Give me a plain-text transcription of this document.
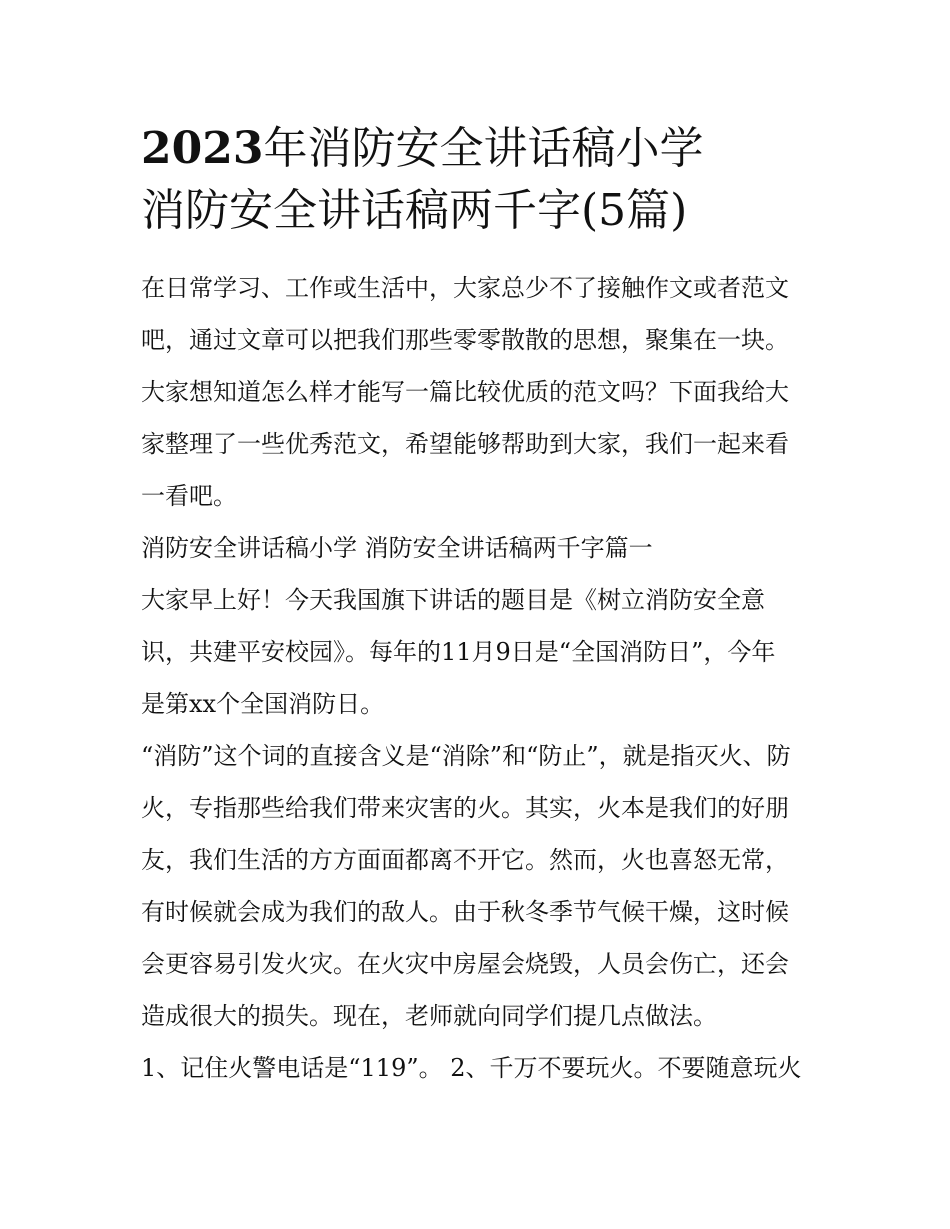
2023年消防安全讲话稿小学
消防安全讲话稿两千字(5篇)
在日常学习、工作或生活中，大家总少不了接触作文或者范文
吧，通过文章可以把我们那些零零散散的思想，聚集在一块。
大家想知道怎么样才能写一篇比较优质的范文吗？下面我给大
家整理了一些优秀范文，希望能够帮助到大家，我们一起来看
一看吧。
消防安全讲话稿小学 消防安全讲话稿两千字篇一
大家早上好！今天我国旗下讲话的题目是《树立消防安全意
识，共建平安校园》。每年的11月9日是“全国消防日”，今年
是第xx个全国消防日。
“消防”这个词的直接含义是“消除”和“防止”，就是指灭火、防
火，专指那些给我们带来灾害的火。其实，火本是我们的好朋
友，我们生活的方方面面都离不开它。然而，火也喜怒无常，
有时候就会成为我们的敌人。由于秋冬季节气候干燥，这时候
会更容易引发火灾。在火灾中房屋会烧毁，人员会伤亡，还会
造成很大的损失。现在，老师就向同学们提几点做法。
1、记住火警电话是“119”。 2、千万不要玩火。不要随意玩火
